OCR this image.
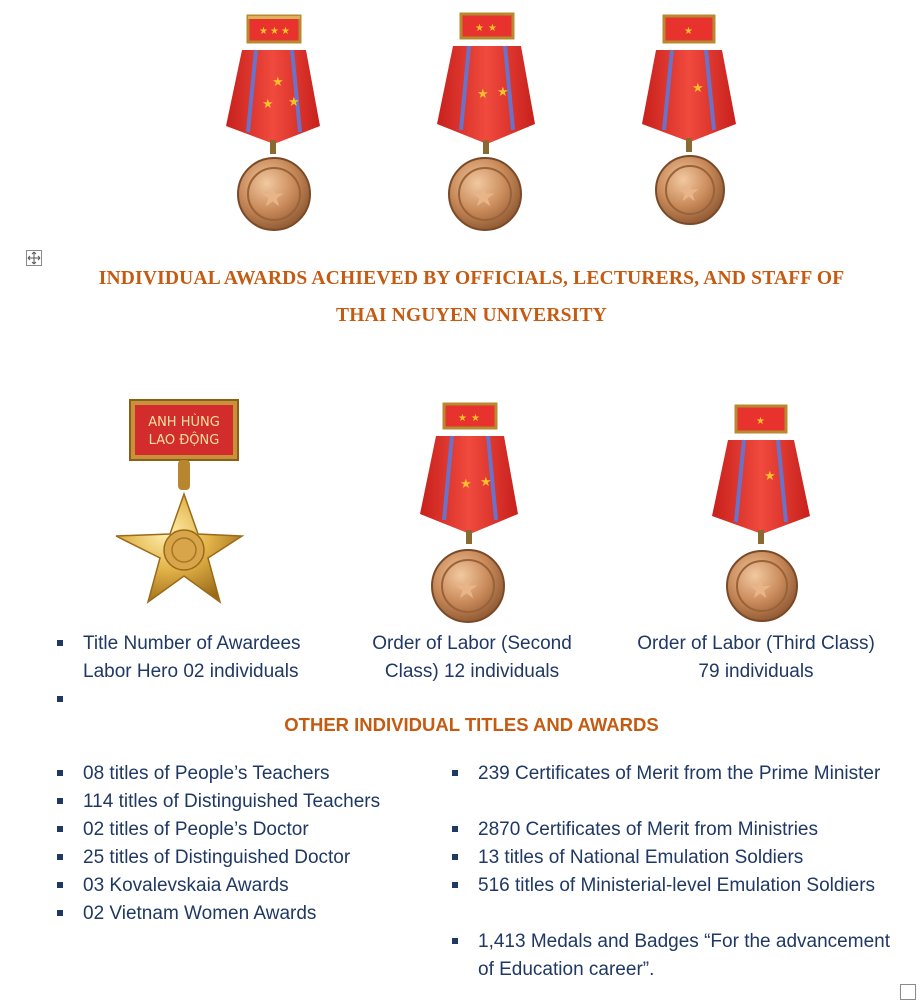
★ ★ ★
★
★ ★
★
★ ★
★ ★
★
★
★
★
INDIVIDUAL AWARDS ACHIEVED BY OFFICIALS, LECTURERS, AND STAFF OF
THAI NGUYEN UNIVERSITY
ANH HÙNG
LAO ĐỘNG
★ ★
★ ★
★
★
★
★
Title Number of Awardees
Labor Hero 02 individuals
Order of Labor (Second
Class) 12 individuals
Order of Labor (Third Class)
79 individuals
OTHER INDIVIDUAL TITLES AND AWARDS
08 titles of People’s Teachers
114 titles of Distinguished Teachers
02 titles of People’s Doctor
25 titles of Distinguished Doctor
03 Kovalevskaia Awards
02 Vietnam Women Awards
239 Certificates of Merit from the Prime Minister
2870 Certificates of Merit from Ministries
13 titles of National Emulation Soldiers
516 titles of Ministerial-level Emulation Soldiers
1,413 Medals and Badges “For the advancement of Education career”.
